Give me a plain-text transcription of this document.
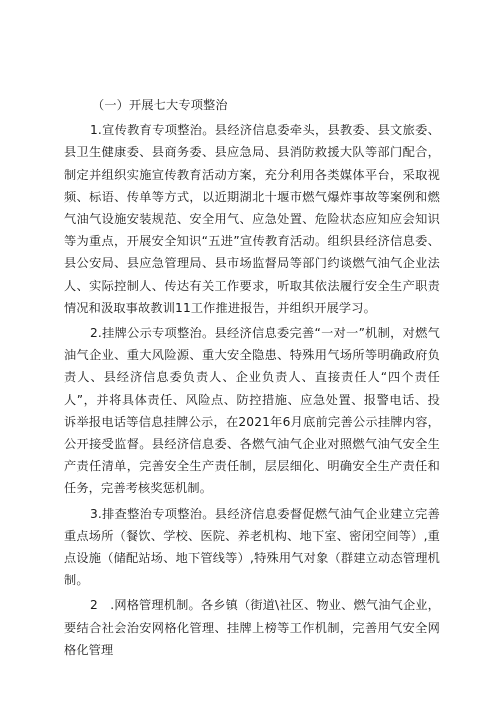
（一）开展七大专项整治

1.宣传教育专项整治。县经济信息委牵头，县教委、县文旅委、县卫生健康委、县商务委、县应急局、县消防救援大队等部门配合，制定并组织实施宣传教育活动方案，充分利用各类媒体平台，采取视频、标语、传单等方式，以近期湖北十堰市燃气爆炸事故等案例和燃气油气设施安装规范、安全用气、应急处置、危险状态应知应会知识等为重点，开展安全知识“五进”宣传教育活动。组织县经济信息委、县公安局、县应急管理局、县市场监督局等部门约谈燃气油气企业法人、实际控制人、传达有关工作要求，听取其依法履行安全生产职责情况和汲取事故教训11工作推进报告，并组织开展学习。

2.挂牌公示专项整治。县经济信息委完善“一对一”机制，对燃气油气企业、重大风险源、重大安全隐患、特殊用气场所等明确政府负责人、县经济信息委负责人、企业负责人、直接责任人“四个责任人”，并将具体责任、风险点、防控措施、应急处置、报警电话、投诉举报电话等信息挂牌公示，在2021年6月底前完善公示挂牌内容，公开接受监督。县经济信息委、各燃气油气企业对照燃气油气安全生产责任清单，完善安全生产责任制，层层细化、明确安全生产责任和任务，完善考核奖惩机制。

3.排查整治专项整治。县经济信息委督促燃气油气企业建立完善重点场所（餐饮、学校、医院、养老机构、地下室、密闭空间等）,重点设施（储配站场、地下管线等）,特殊用气对象（群建立动态管理机制。

2　.网格管理机制。各乡镇（街道\社区、物业、燃气油气企业，要结合社会治安网格化管理、挂牌上榜等工作机制，完善用气安全网格化管理
